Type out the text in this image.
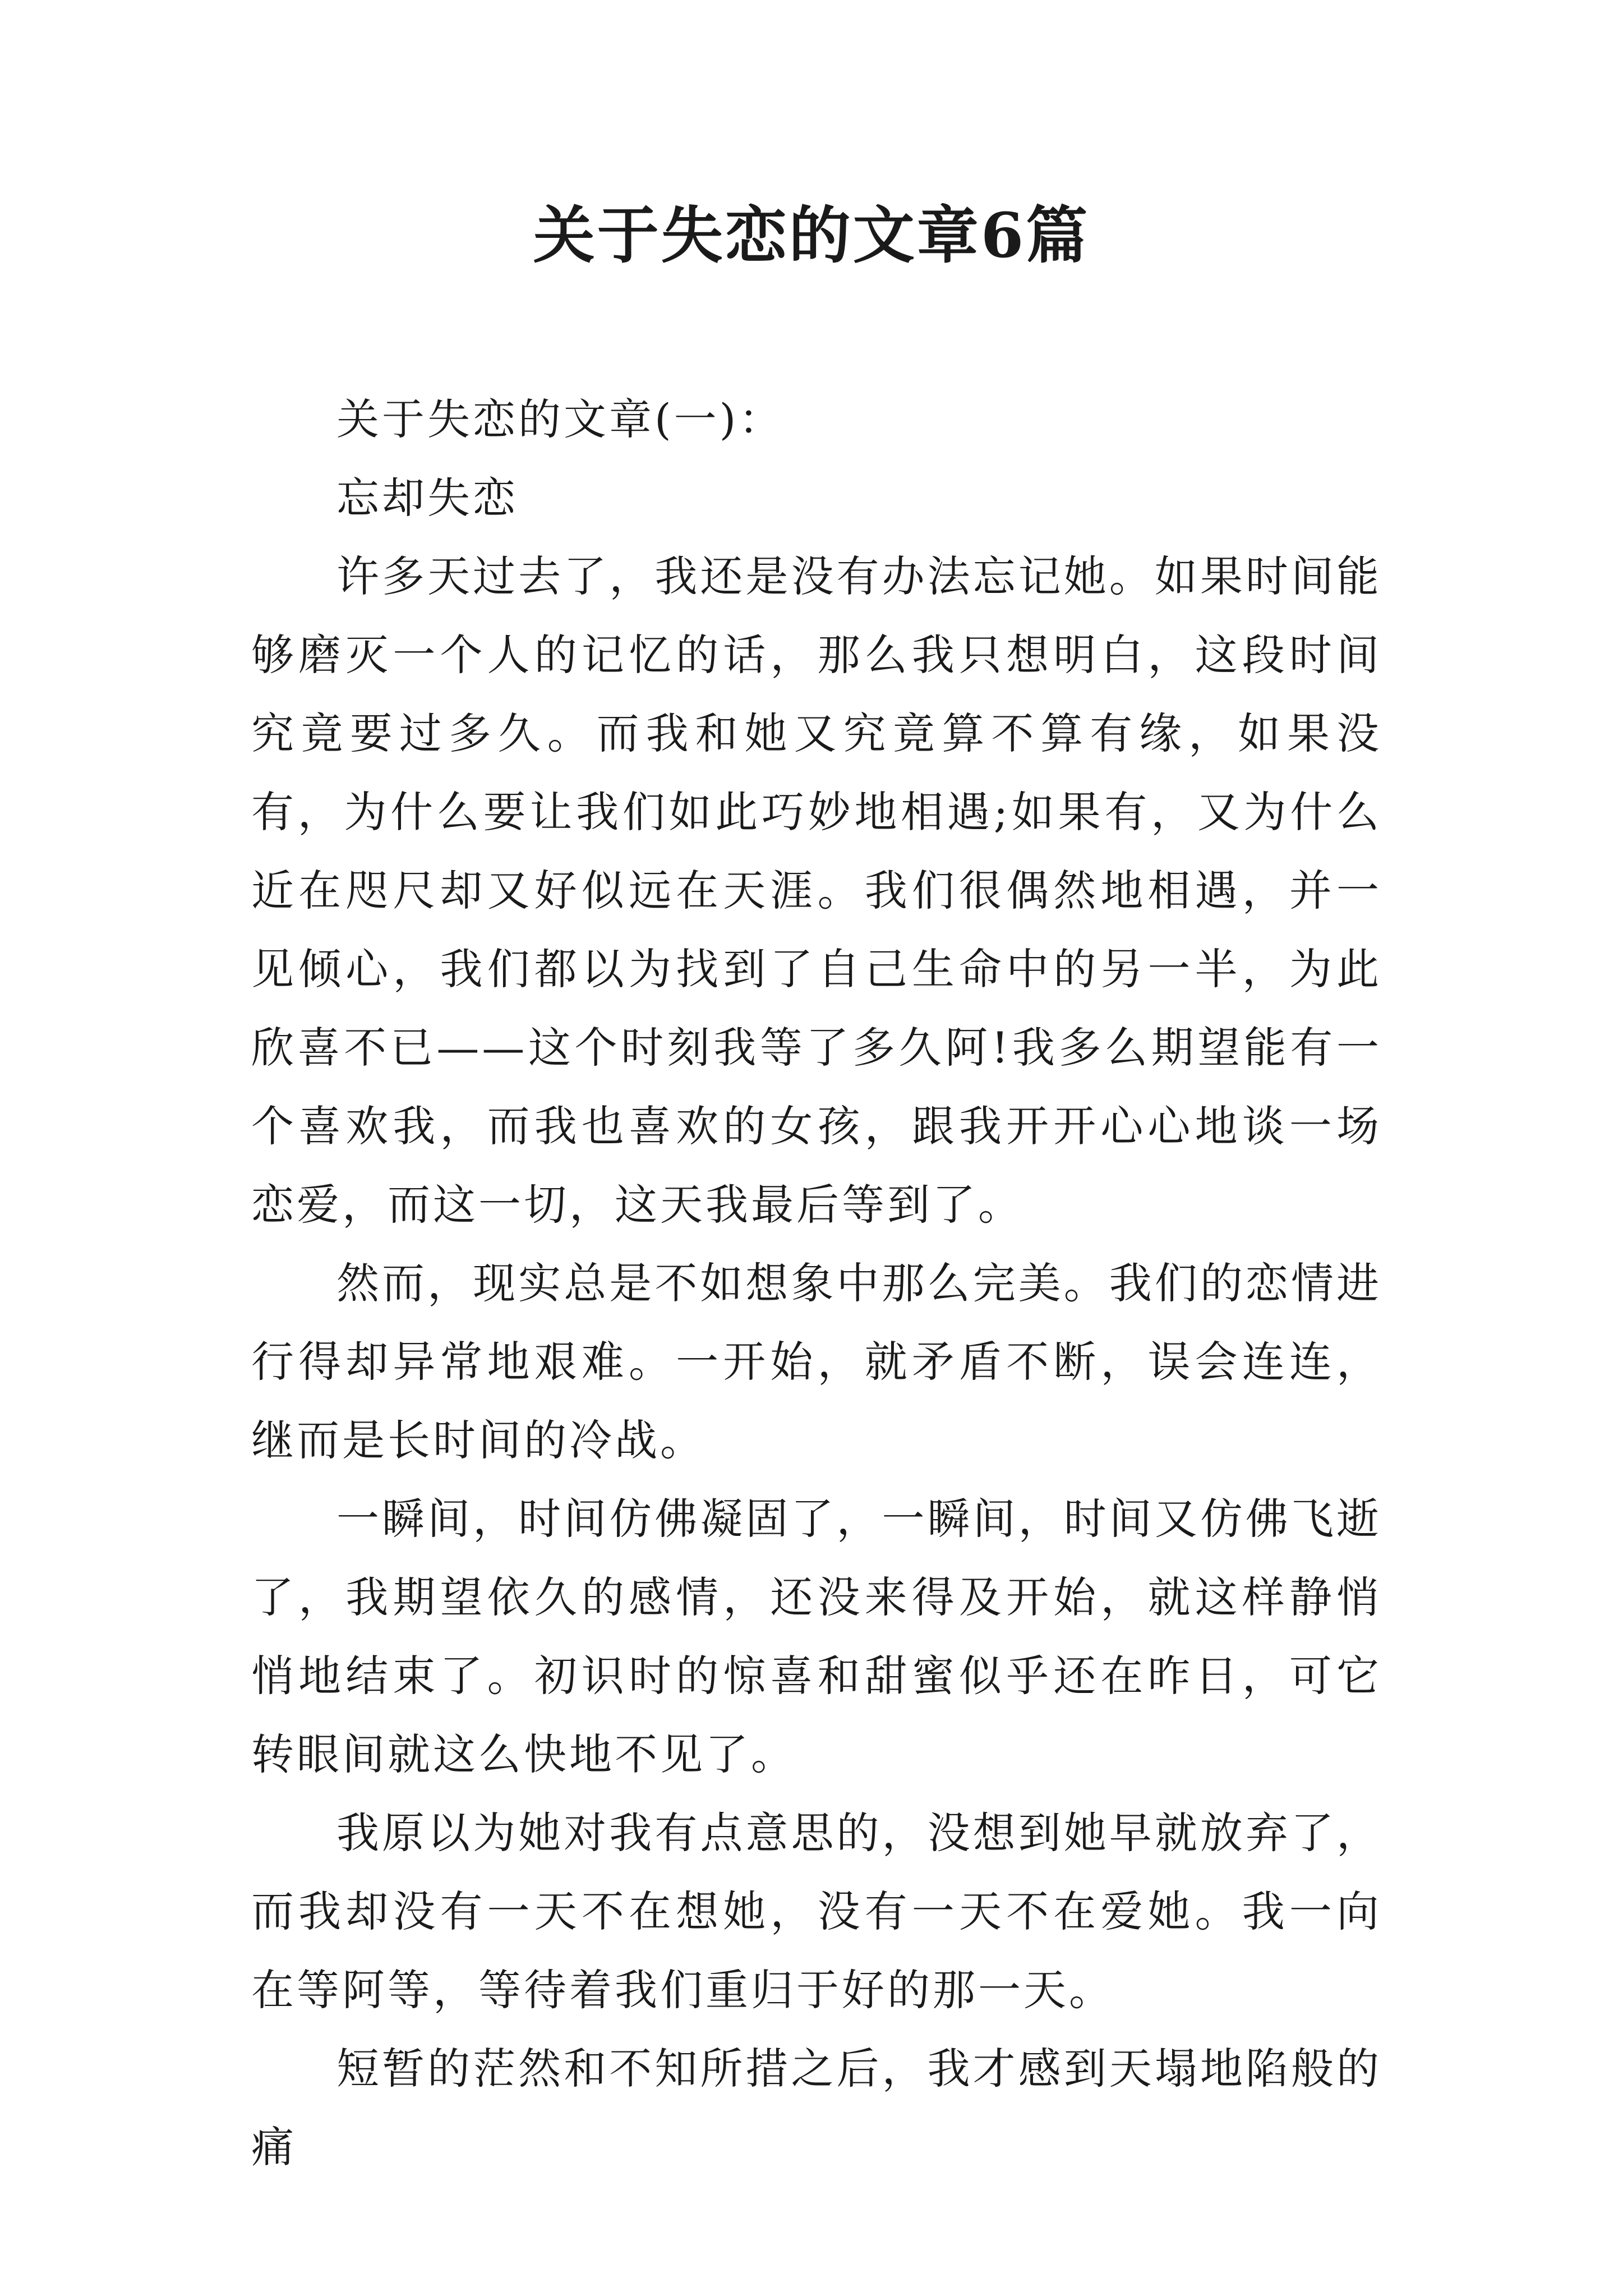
关于失恋的文章6篇

关于失恋的文章(一)：

忘却失恋

许多天过去了，我还是没有办法忘记她。如果时间能够磨灭一个人的记忆的话，那么我只想明白，这段时间究竟要过多久。而我和她又究竟算不算有缘，如果没有，为什么要让我们如此巧妙地相遇;如果有，又为什么近在咫尺却又好似远在天涯。我们很偶然地相遇，并一见倾心，我们都以为找到了自己生命中的另一半，为此欣喜不已——这个时刻我等了多久阿!我多么期望能有一个喜欢我，而我也喜欢的女孩，跟我开开心心地谈一场恋爱，而这一切，这天我最后等到了。

然而，现实总是不如想象中那么完美。我们的恋情进行得却异常地艰难。一开始，就矛盾不断，误会连连，继而是长时间的冷战。

一瞬间，时间仿佛凝固了，一瞬间，时间又仿佛飞逝了，我期望依久的感情，还没来得及开始，就这样静悄悄地结束了。初识时的惊喜和甜蜜似乎还在昨日，可它转眼间就这么快地不见了。

我原以为她对我有点意思的，没想到她早就放弃了，而我却没有一天不在想她，没有一天不在爱她。我一向在等阿等，等待着我们重归于好的那一天。

短暂的茫然和不知所措之后，我才感到天塌地陷般的痛
